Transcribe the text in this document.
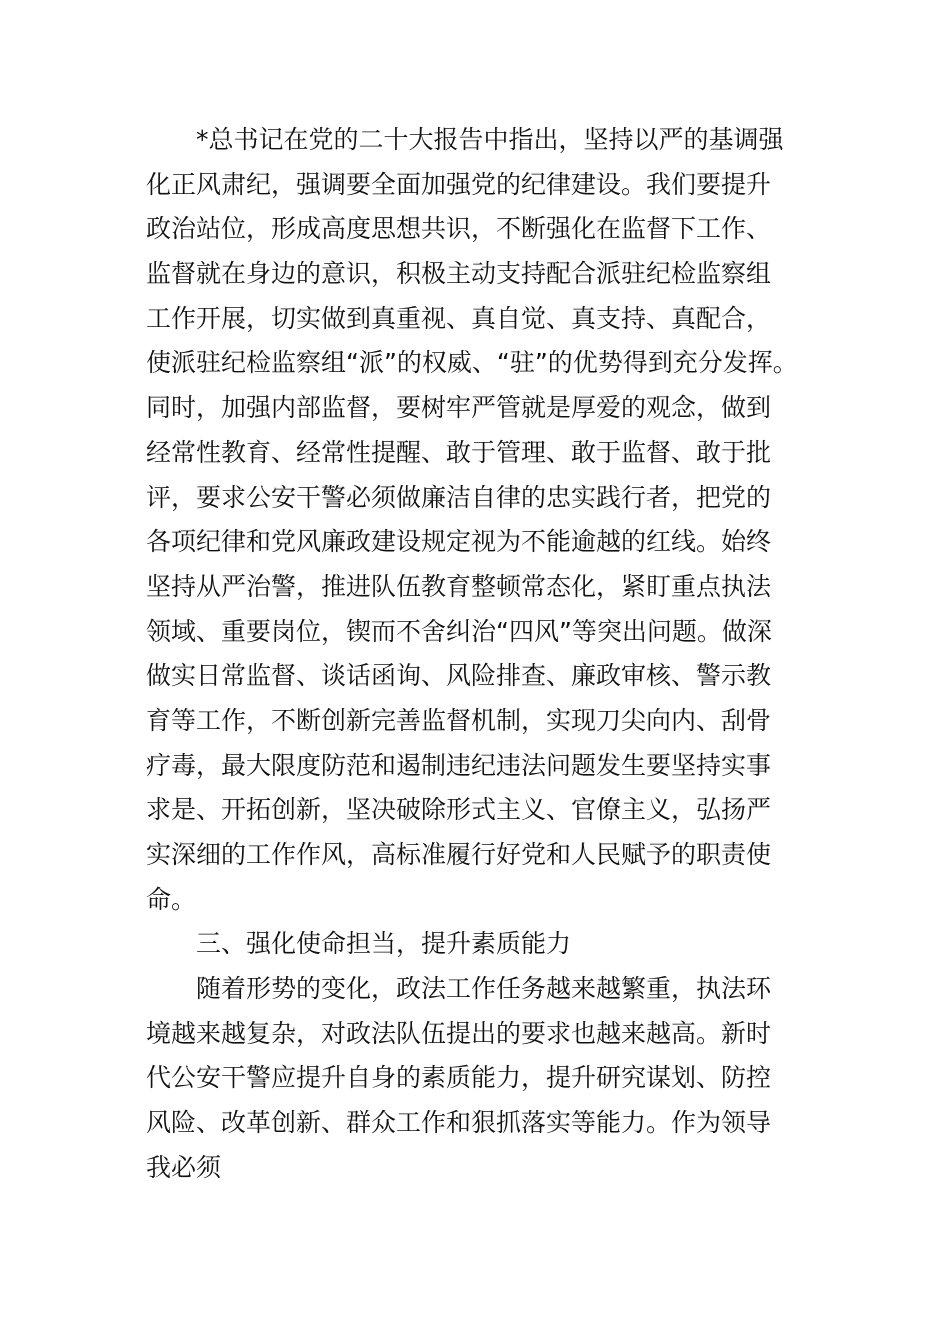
*总书记在党的二十大报告中指出，坚持以严的基调强
化正风肃纪，强调要全面加强党的纪律建设。我们要提升
政治站位，形成高度思想共识，不断强化在监督下工作、
监督就在身边的意识，积极主动支持配合派驻纪检监察组
工作开展，切实做到真重视、真自觉、真支持、真配合，
使派驻纪检监察组“派”的权威、“驻”的优势得到充分发挥。
同时，加强内部监督，要树牢严管就是厚爱的观念，做到
经常性教育、经常性提醒、敢于管理、敢于监督、敢于批
评，要求公安干警必须做廉洁自律的忠实践行者，把党的
各项纪律和党风廉政建设规定视为不能逾越的红线。始终
坚持从严治警，推进队伍教育整顿常态化，紧盯重点执法
领域、重要岗位，锲而不舍纠治“四风”等突出问题。做深
做实日常监督、谈话函询、风险排查、廉政审核、警示教
育等工作，不断创新完善监督机制，实现刀尖向内、刮骨
疗毒，最大限度防范和遏制违纪违法问题发生要坚持实事
求是、开拓创新，坚决破除形式主义、官僚主义，弘扬严
实深细的工作作风，高标准履行好党和人民赋予的职责使
命。
三、强化使命担当，提升素质能力
随着形势的变化，政法工作任务越来越繁重，执法环
境越来越复杂，对政法队伍提出的要求也越来越高。新时
代公安干警应提升自身的素质能力，提升研究谋划、防控
风险、改革创新、群众工作和狠抓落实等能力。作为领导
我必须
